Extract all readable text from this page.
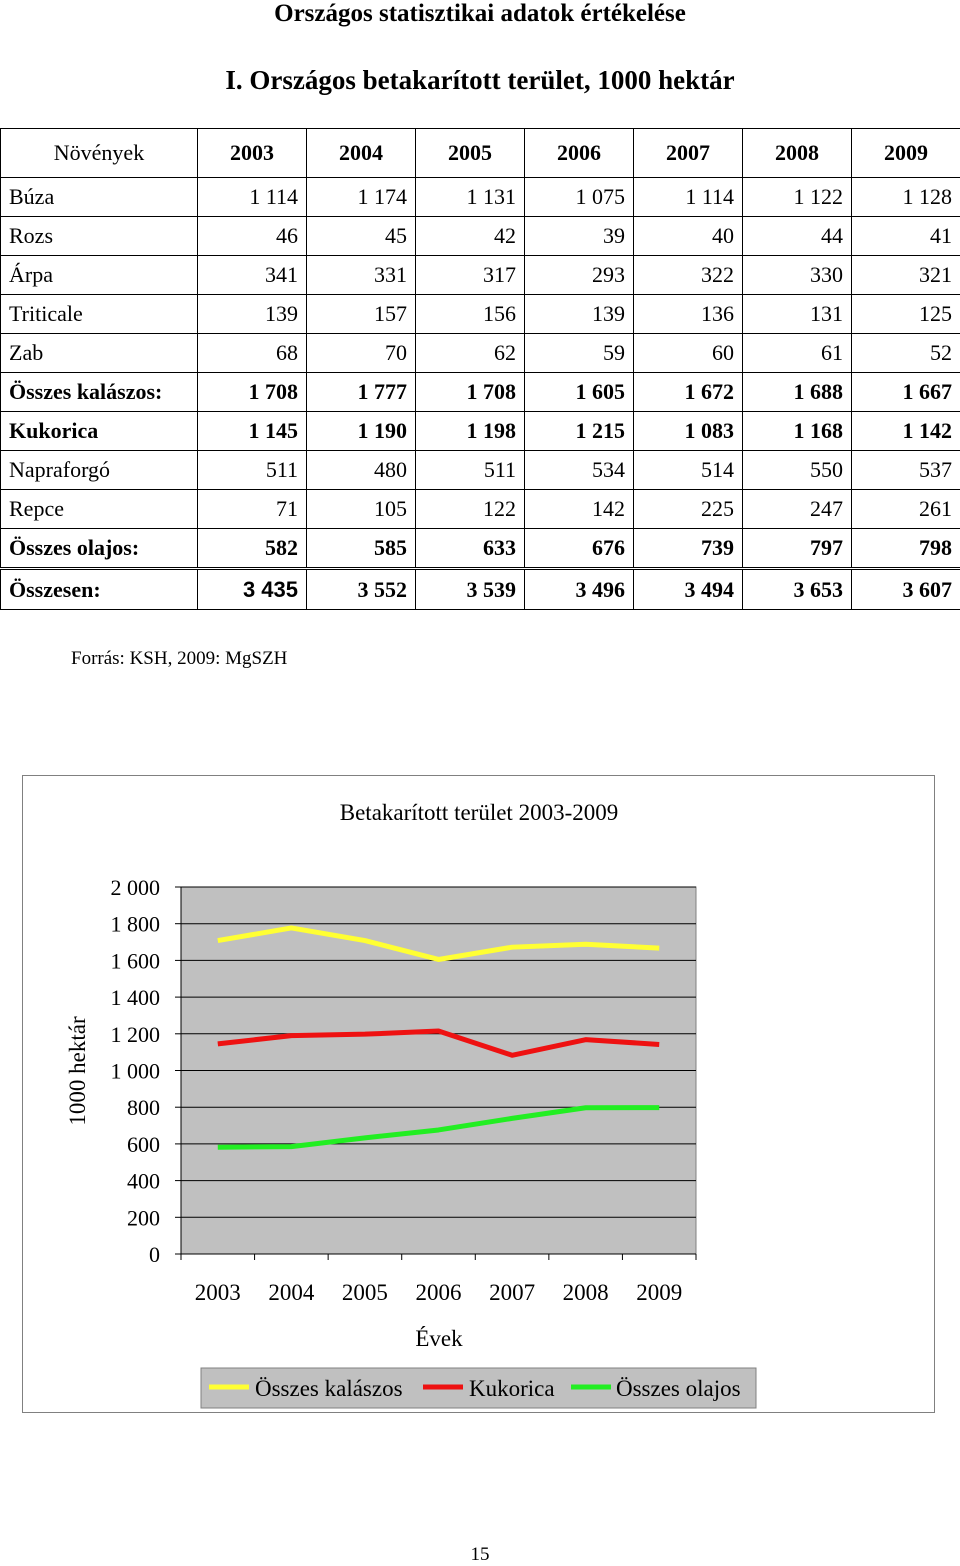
Országos statisztikai adatok értékelése
I. Országos betakarított terület, 1000 hektár
Növények	2003	2004	2005	2006	2007	2008	2009
Búza	1 114	1 174	1 131	1 075	1 114	1 122	1 128
Rozs	46	45	42	39	40	44	41
Árpa	341	331	317	293	322	330	321
Triticale	139	157	156	139	136	131	125
Zab	68	70	62	59	60	61	52
Összes kalászos:	1 708	1 777	1 708	1 605	1 672	1 688	1 667
Kukorica	1 145	1 190	1 198	1 215	1 083	1 168	1 142
Napraforgó	511	480	511	534	514	550	537
Repce	71	105	122	142	225	247	261
Összes olajos:	582	585	633	676	739	797	798
Összesen:	3 435	3 552	3 539	3 496	3 494	3 653	3 607
Forrás: KSH, 2009: MgSZH
Betakarított terület 2003-2009
0
200
400
600
800
1 000
1 200
1 400
1 600
1 800
2 000
2003 2004 2005 2006 2007 2008 2009
Évek
1000 hektár
Összes kalászos	Kukorica	Összes olajos
15
